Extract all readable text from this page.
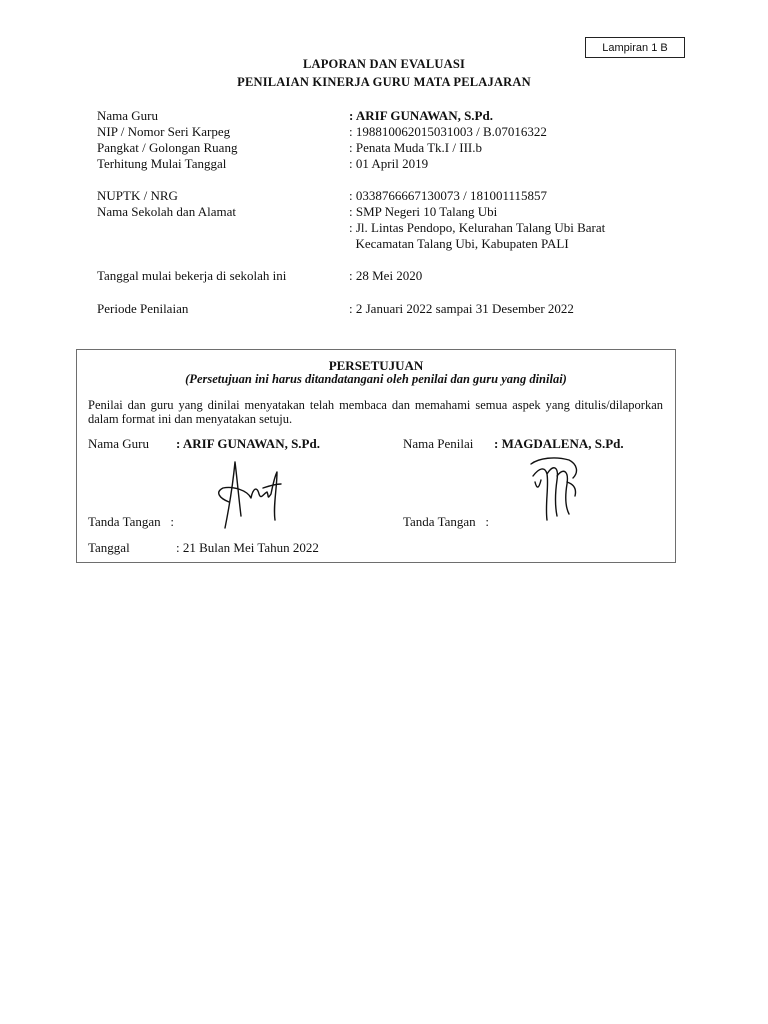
Lampiran 1 B
LAPORAN DAN EVALUASI
PENILAIAN KINERJA GURU MATA PELAJARAN
Nama Guru	: ARIF GUNAWAN, S.Pd.
NIP / Nomor Seri Karpeg	: 198810062015031003 / B.07016322
Pangkat / Golongan Ruang	: Penata Muda Tk.I / III.b
Terhitung Mulai Tanggal	: 01 April 2019
NUPTK / NRG	: 0338766667130073 / 181001115857
Nama Sekolah dan Alamat	: SMP Negeri 10 Talang Ubi
: Jl. Lintas Pendopo, Kelurahan Talang Ubi Barat
Kecamatan Talang Ubi, Kabupaten PALI
Tanggal mulai bekerja di sekolah ini	: 28 Mei 2020
Periode Penilaian	: 2 Januari 2022 sampai 31 Desember 2022
PERSETUJUAN
(Persetujuan ini harus ditandatangani oleh penilai dan guru yang dinilai)
Penilai dan guru yang dinilai menyatakan telah membaca dan memahami semua aspek yang ditulis/dilaporkan dalam format ini dan menyatakan setuju.
Nama Guru : ARIF GUNAWAN, S.Pd.	Nama Penilai : MAGDALENA, S.Pd.
Tanda Tangan   :	Tanda Tangan   :
Tanggal	: 21 Bulan Mei Tahun 2022
